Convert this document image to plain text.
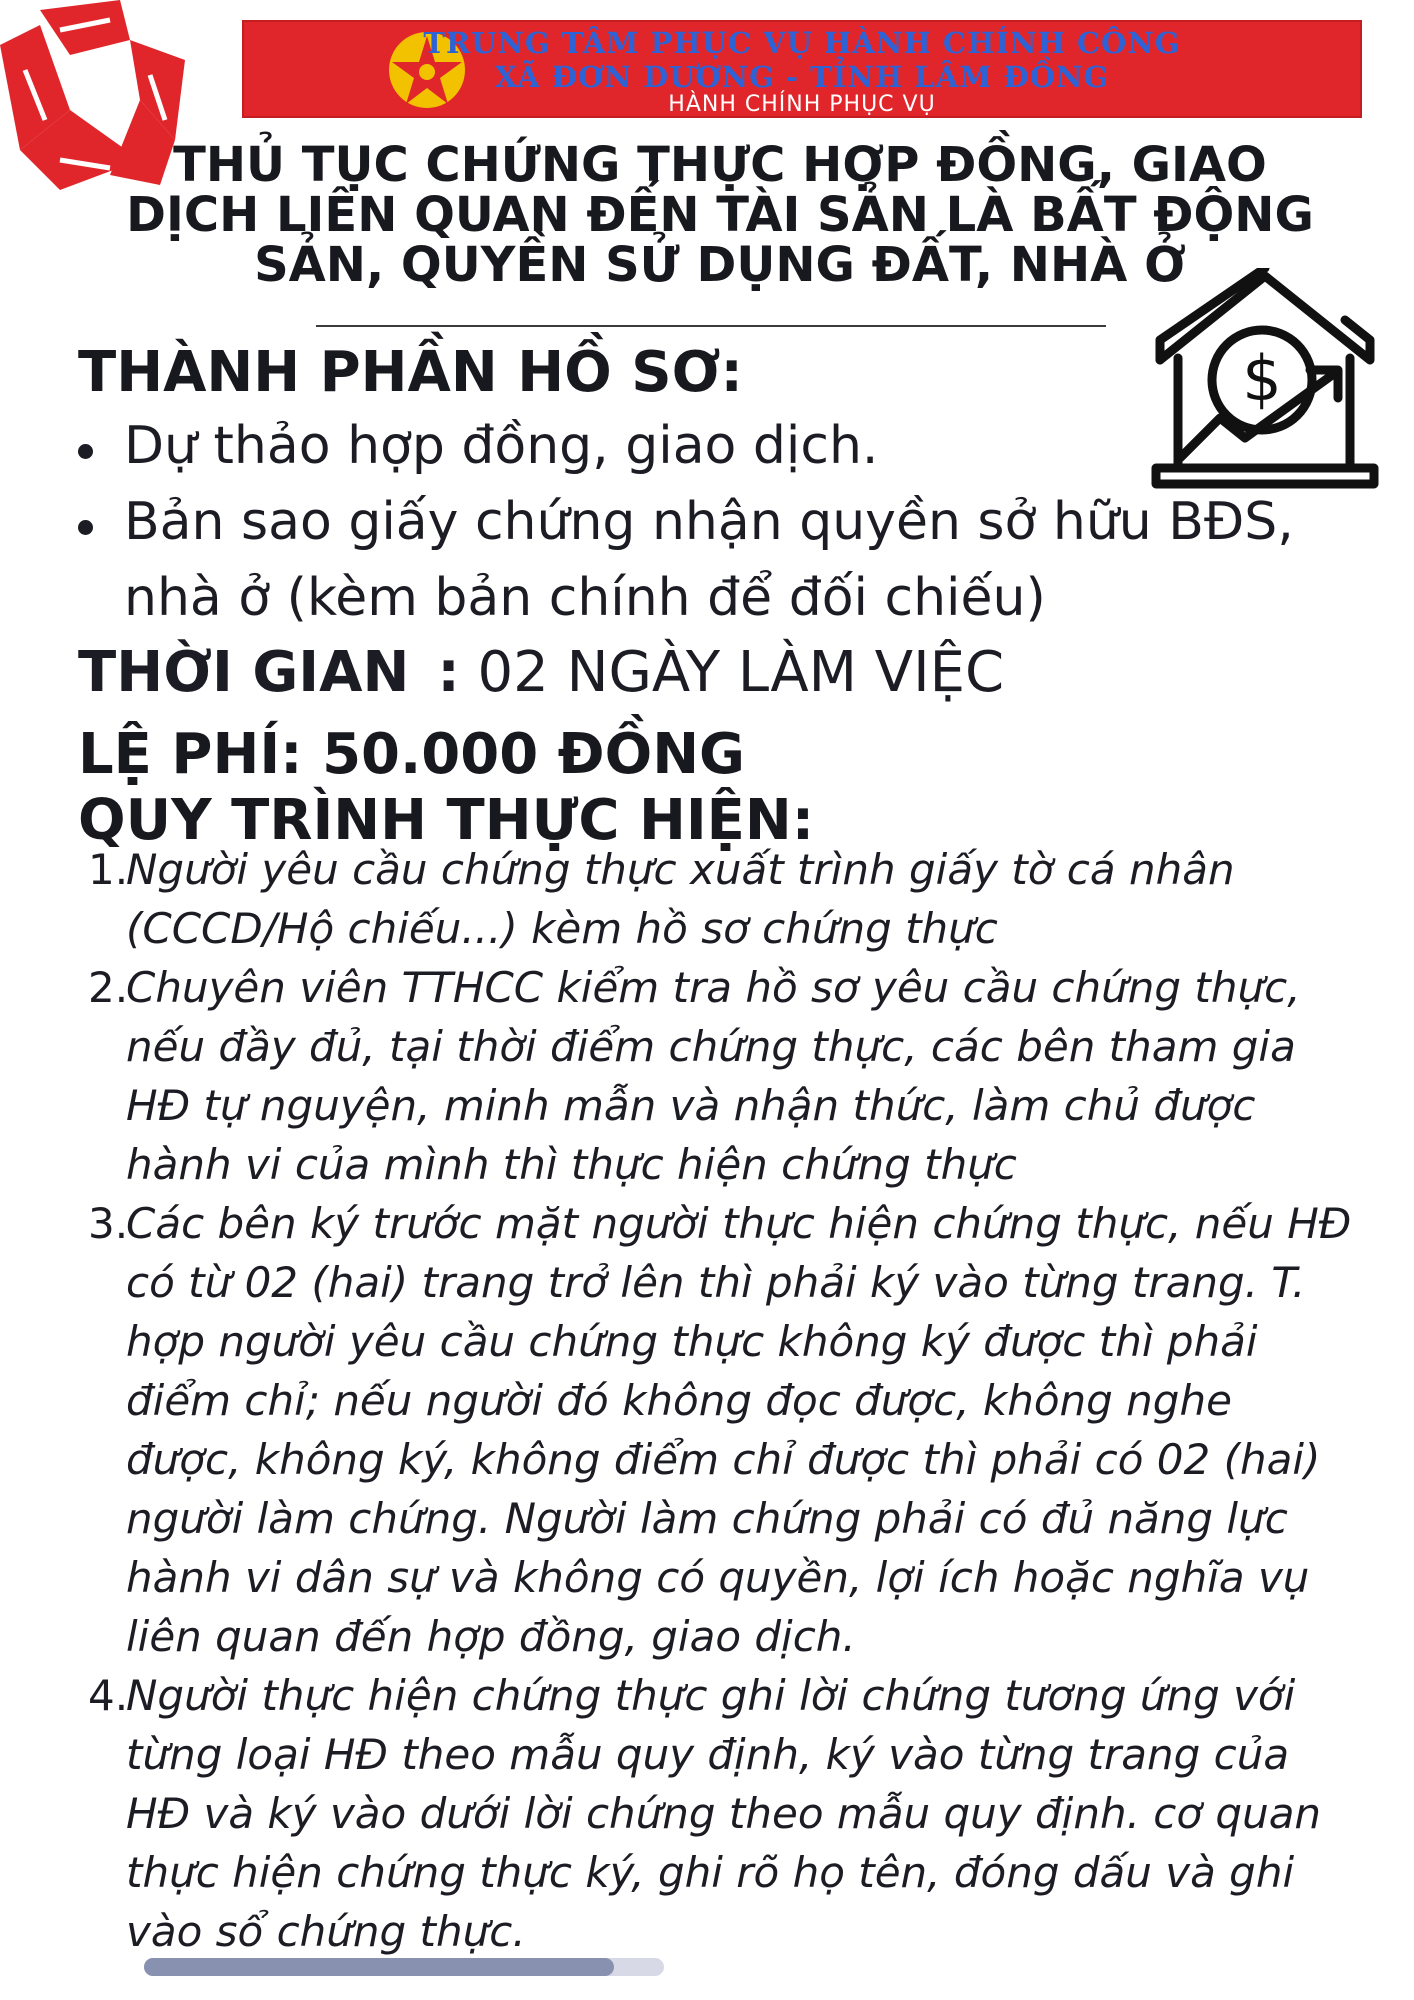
TRUNG TÂM PHỤC VỤ HÀNH CHÍNH CÔNG
XÃ ĐƠN DƯƠNG - TỈNH LÂM ĐỒNG
HÀNH CHÍNH PHỤC VỤ
THỦ TỤC CHỨNG THỰC HỢP ĐỒNG, GIAO DỊCH LIÊN QUAN ĐẾN TÀI SẢN LÀ BẤT ĐỘNG SẢN, QUYỀN SỬ DỤNG ĐẤT, NHÀ Ở
$
THÀNH PHẦN HỒ SƠ:
Dự thảo hợp đồng, giao dịch.
Bản sao giấy chứng nhận quyền sở hữu BĐS, nhà ở (kèm bản chính để đối chiếu)
THỜI GIAN : 02 NGÀY LÀM VIỆC
LỆ PHÍ: 50.000 ĐỒNG
QUY TRÌNH THỰC HIỆN:
1.
Người yêu cầu chứng thực xuất trình giấy tờ cá nhân (CCCD/Hộ chiếu...) kèm hồ sơ chứng thực
2.
Chuyên viên TTHCC kiểm tra hồ sơ yêu cầu chứng thực, nếu đầy đủ, tại thời điểm chứng thực, các bên tham gia HĐ tự nguyện, minh mẫn và nhận thức, làm chủ được hành vi của mình thì thực hiện chứng thực
3.
Các bên ký trước mặt người thực hiện chứng thực, nếu HĐ có từ 02 (hai) trang trở lên thì phải ký vào từng trang. T. hợp người yêu cầu chứng thực không ký được thì phải điểm chỉ; nếu người đó không đọc được, không nghe được, không ký, không điểm chỉ được thì phải có 02 (hai) người làm chứng. Người làm chứng phải có đủ năng lực hành vi dân sự và không có quyền, lợi ích hoặc nghĩa vụ liên quan đến hợp đồng, giao dịch.
4.
Người thực hiện chứng thực ghi lời chứng tương ứng với từng loại HĐ theo mẫu quy định, ký vào từng trang của HĐ và ký vào dưới lời chứng theo mẫu quy định. cơ quan thực hiện chứng thực ký, ghi rõ họ tên, đóng dấu và ghi vào sổ chứng thực.
